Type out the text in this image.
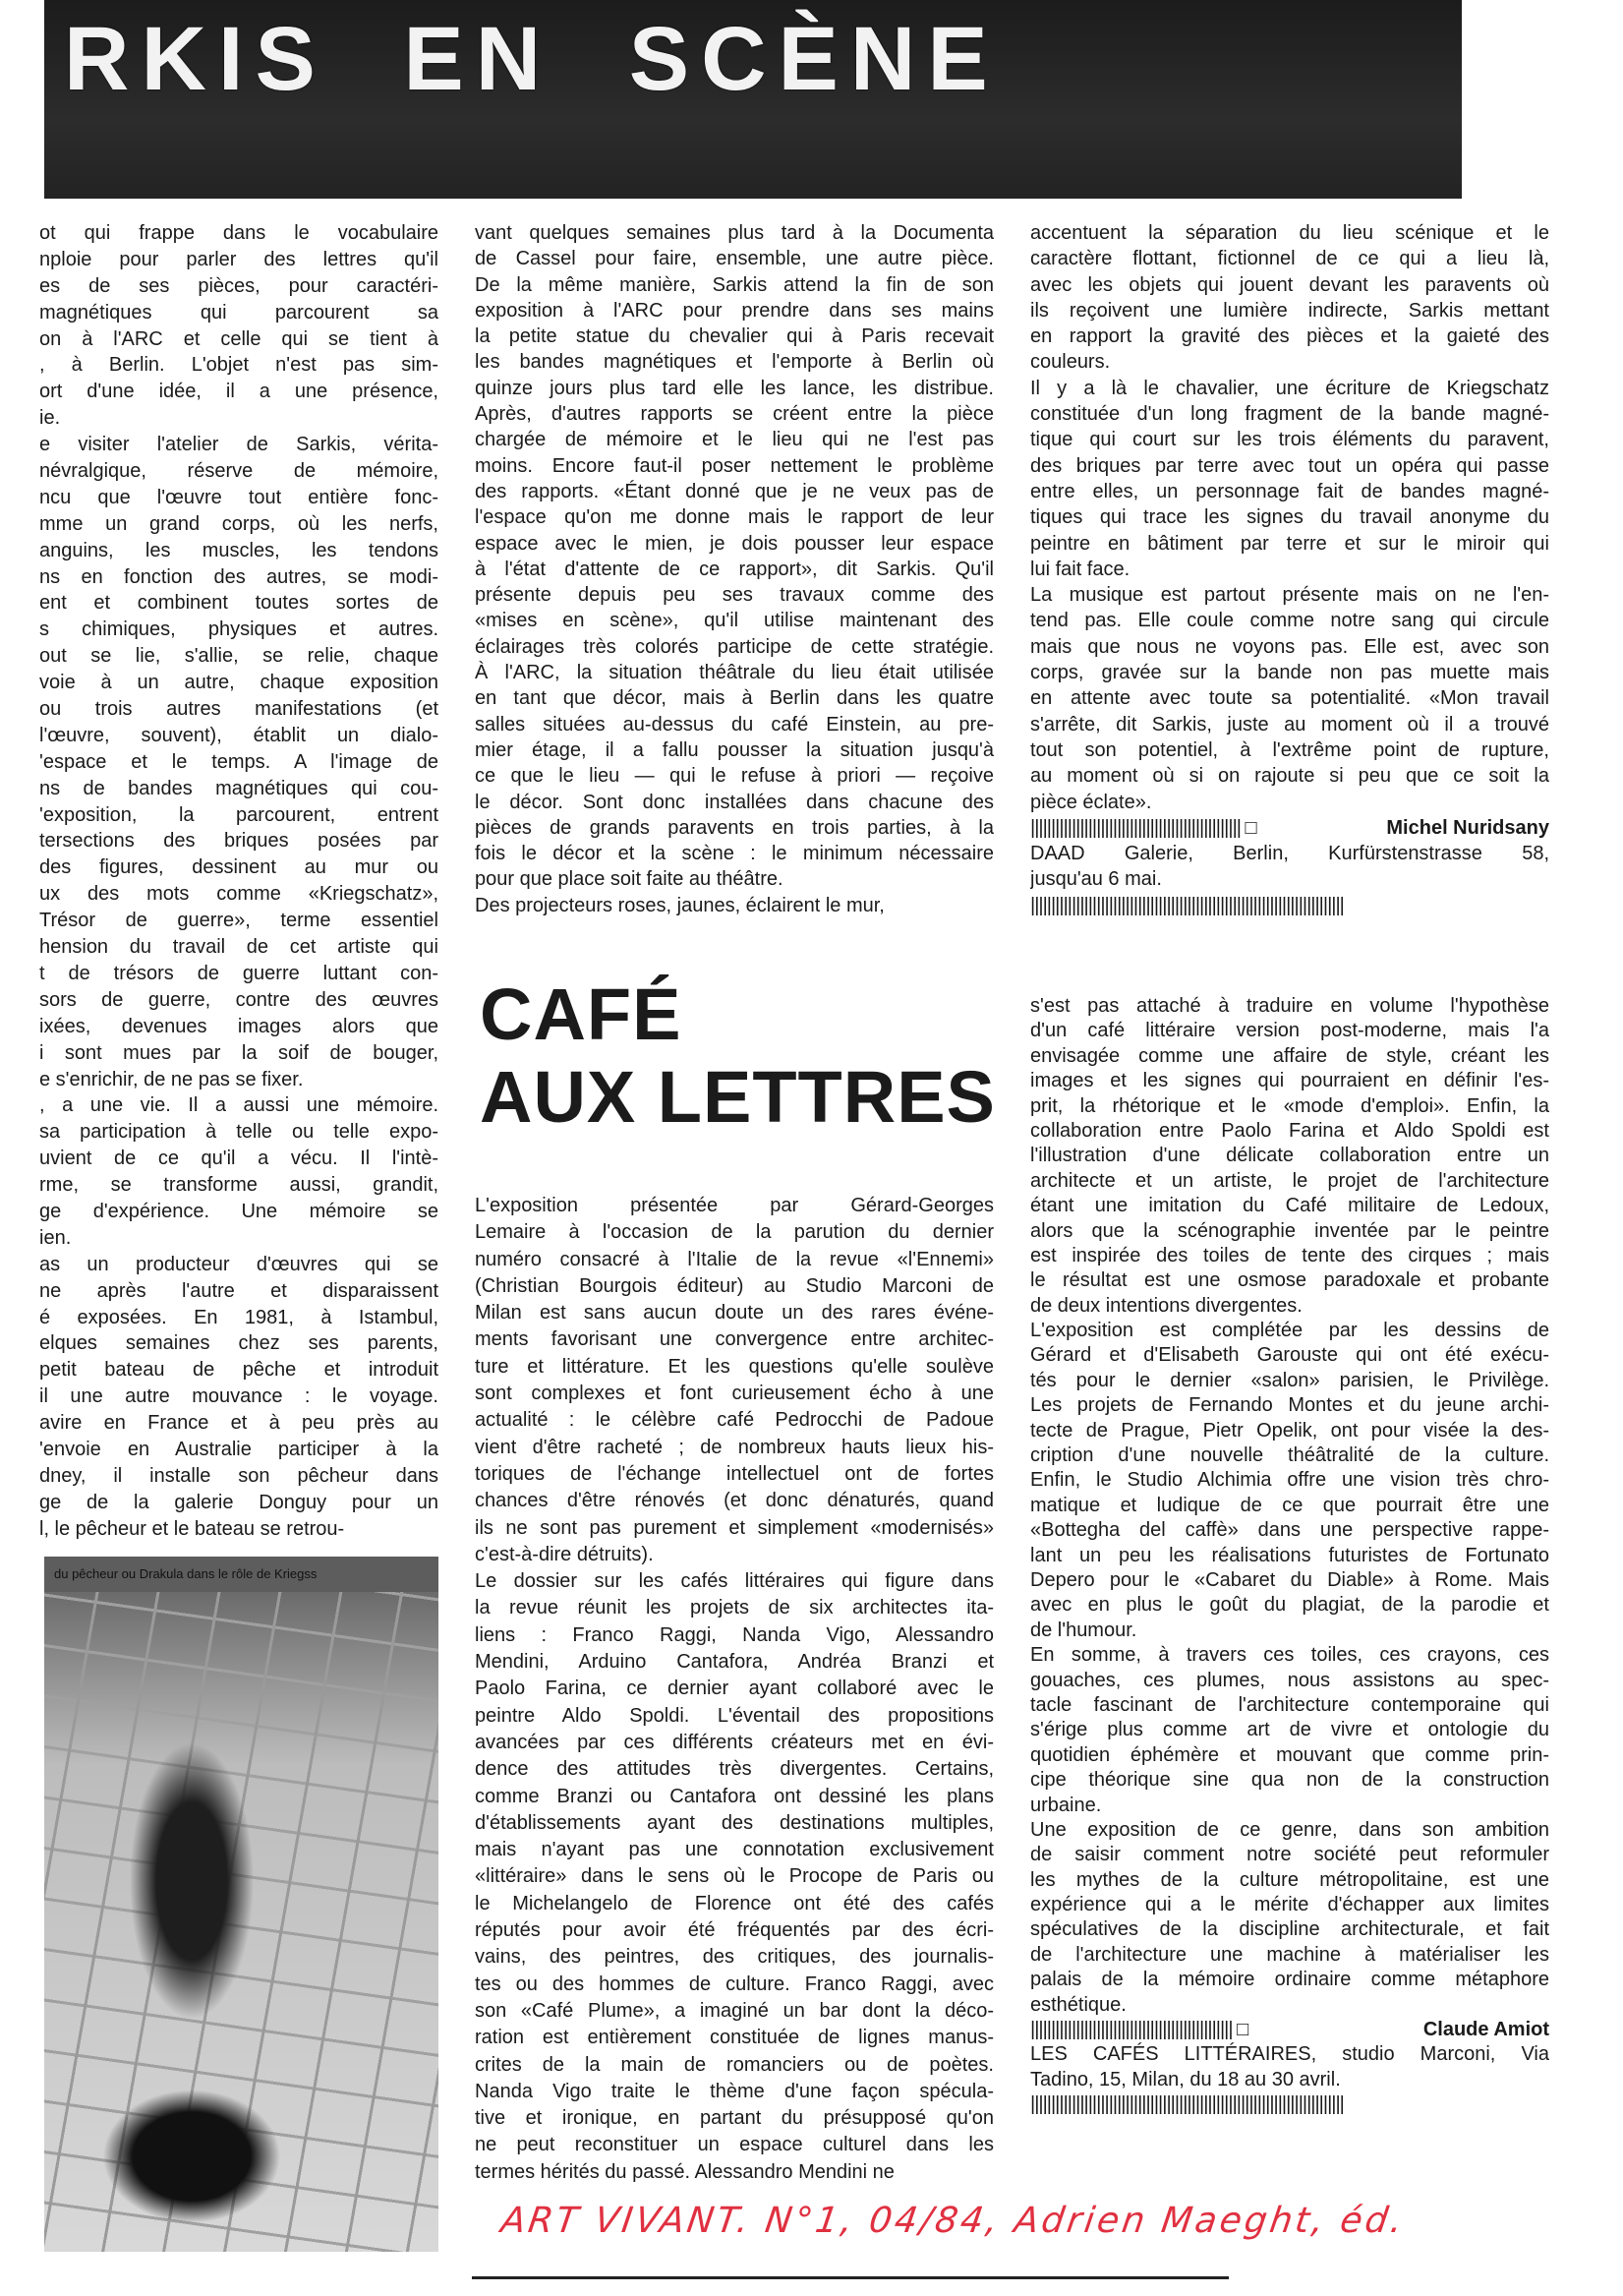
RKIS EN SCÈNE
ot qui frappe dans le vocabulaire
nploie pour parler des lettres qu'il
es de ses pièces, pour caractéri-
magnétiques qui parcourent sa
on à l'ARC et celle qui se tient à
, à Berlin. L'objet n'est pas sim-
ort d'une idée, il a une présence,
ie.
e visiter l'atelier de Sarkis, vérita-
névralgique, réserve de mémoire,
ncu que l'œuvre tout entière fonc-
mme un grand corps, où les nerfs,
anguins, les muscles, les tendons
ns en fonction des autres, se modi-
ent et combinent toutes sortes de
s chimiques, physiques et autres.
out se lie, s'allie, se relie, chaque
voie à un autre, chaque exposition
ou trois autres manifestations (et
l'œuvre, souvent), établit un dialo-
'espace et le temps. A l'image de
ns de bandes magnétiques qui cou-
'exposition, la parcourent, entrent
tersections des briques posées par
des figures, dessinent au mur ou
ux des mots comme «Kriegschatz»,
Trésor de guerre», terme essentiel
hension du travail de cet artiste qui
t de trésors de guerre luttant con-
sors de guerre, contre des œuvres
ixées, devenues images alors que
i sont mues par la soif de bouger,
e s'enrichir, de ne pas se fixer.
, a une vie. Il a aussi une mémoire.
sa participation à telle ou telle expo-
uvient de ce qu'il a vécu. Il l'intè-
rme, se transforme aussi, grandit,
ge d'expérience. Une mémoire se
ien.
as un producteur d'œuvres qui se
ne après l'autre et disparaissent
é exposées. En 1981, à Istambul,
elques semaines chez ses parents,
petit bateau de pêche et introduit
il une autre mouvance : le voyage.
avire en France et à peu près au
'envoie en Australie participer à la
dney, il installe son pêcheur dans
ge de la galerie Donguy pour un
l, le pêcheur et le bateau se retrou-
vant quelques semaines plus tard à la Documenta
de Cassel pour faire, ensemble, une autre pièce.
De la même manière, Sarkis attend la fin de son
exposition à l'ARC pour prendre dans ses mains
la petite statue du chevalier qui à Paris recevait
les bandes magnétiques et l'emporte à Berlin où
quinze jours plus tard elle les lance, les distribue.
Après, d'autres rapports se créent entre la pièce
chargée de mémoire et le lieu qui ne l'est pas
moins. Encore faut-il poser nettement le problème
des rapports. «Étant donné que je ne veux pas de
l'espace qu'on me donne mais le rapport de leur
espace avec le mien, je dois pousser leur espace
à l'état d'attente de ce rapport», dit Sarkis. Qu'il
présente depuis peu ses travaux comme des
«mises en scène», qu'il utilise maintenant des
éclairages très colorés participe de cette stratégie.
À l'ARC, la situation théâtrale du lieu était utilisée
en tant que décor, mais à Berlin dans les quatre
salles situées au-dessus du café Einstein, au pre-
mier étage, il a fallu pousser la situation jusqu'à
ce que le lieu — qui le refuse à priori — reçoive
le décor. Sont donc installées dans chacune des
pièces de grands paravents en trois parties, à la
fois le décor et la scène : le minimum nécessaire
pour que place soit faite au théâtre.
Des projecteurs roses, jaunes, éclairent le mur,
accentuent la séparation du lieu scénique et le
caractère flottant, fictionnel de ce qui a lieu là,
avec les objets qui jouent devant les paravents où
ils reçoivent une lumière indirecte, Sarkis mettant
en rapport la gravité des pièces et la gaieté des
couleurs.
Il y a là le chavalier, une écriture de Kriegschatz
constituée d'un long fragment de la bande magné-
tique qui court sur les trois éléments du paravent,
des briques par terre avec tout un opéra qui passe
entre elles, un personnage fait de bandes magné-
tiques qui trace les signes du travail anonyme du
peintre en bâtiment par terre et sur le miroir qui
lui fait face.
La musique est partout présente mais on ne l'en-
tend pas. Elle coule comme notre sang qui circule
mais que nous ne voyons pas. Elle est, avec son
corps, gravée sur la bande non pas muette mais
en attente avec toute sa potentialité. «Mon travail
s'arrête, dit Sarkis, juste au moment où il a trouvé
tout son potentiel, à l'extrême point de rupture,
au moment où si on rajoute si peu que ce soit la
pièce éclate».
||||||||||||||||||||||||||||||||||||||||||||||||||| □	Michel Nuridsany
DAAD Galerie, Berlin, Kurfürstenstrasse 58,
jusqu'au 6 mai.
||||||||||||||||||||||||||||||||||||||||||||||||||||||||||||||||||||||||||||
CAFÉ
AUX LETTRES
L'exposition présentée par Gérard-Georges
Lemaire à l'occasion de la parution du dernier
numéro consacré à l'Italie de la revue «l'Ennemi»
(Christian Bourgois éditeur) au Studio Marconi de
Milan est sans aucun doute un des rares événe-
ments favorisant une convergence entre architec-
ture et littérature. Et les questions qu'elle soulève
sont complexes et font curieusement écho à une
actualité : le célèbre café Pedrocchi de Padoue
vient d'être racheté ; de nombreux hauts lieux his-
toriques de l'échange intellectuel ont de fortes
chances d'être rénovés (et donc dénaturés, quand
ils ne sont pas purement et simplement «modernisés»
c'est-à-dire détruits).
Le dossier sur les cafés littéraires qui figure dans
la revue réunit les projets de six architectes ita-
liens : Franco Raggi, Nanda Vigo, Alessandro
Mendini, Arduino Cantafora, Andréa Branzi et
Paolo Farina, ce dernier ayant collaboré avec le
peintre Aldo Spoldi. L'éventail des propositions
avancées par ces différents créateurs met en évi-
dence des attitudes très divergentes. Certains,
comme Branzi ou Cantafora ont dessiné les plans
d'établissements ayant des destinations multiples,
mais n'ayant pas une connotation exclusivement
«littéraire» dans le sens où le Procope de Paris ou
le Michelangelo de Florence ont été des cafés
réputés pour avoir été fréquentés par des écri-
vains, des peintres, des critiques, des journalis-
tes ou des hommes de culture. Franco Raggi, avec
son «Café Plume», a imaginé un bar dont la déco-
ration est entièrement constituée de lignes manus-
crites de la main de romanciers ou de poètes.
Nanda Vigo traite le thème d'une façon spécula-
tive et ironique, en partant du présupposé qu'on
ne peut reconstituer un espace culturel dans les
termes hérités du passé. Alessandro Mendini ne
s'est pas attaché à traduire en volume l'hypothèse
d'un café littéraire version post-moderne, mais l'a
envisagée comme une affaire de style, créant les
images et les signes qui pourraient en définir l'es-
prit, la rhétorique et le «mode d'emploi». Enfin, la
collaboration entre Paolo Farina et Aldo Spoldi est
l'illustration d'une délicate collaboration entre un
architecte et un artiste, le projet de l'architecture
étant une imitation du Café militaire de Ledoux,
alors que la scénographie inventée par le peintre
est inspirée des toiles de tente des cirques ; mais
le résultat est une osmose paradoxale et probante
de deux intentions divergentes.
L'exposition est complétée par les dessins de
Gérard et d'Elisabeth Garouste qui ont été exécu-
tés pour le dernier «salon» parisien, le Privilège.
Les projets de Fernando Montes et du jeune archi-
tecte de Prague, Pietr Opelik, ont pour visée la des-
cription d'une nouvelle théâtralité de la culture.
Enfin, le Studio Alchimia offre une vision très chro-
matique et ludique de ce que pourrait être une
«Bottegha del caffè» dans une perspective rappe-
lant un peu les réalisations futuristes de Fortunato
Depero pour le «Cabaret du Diable» à Rome. Mais
avec en plus le goût du plagiat, de la parodie et
de l'humour.
En somme, à travers ces toiles, ces crayons, ces
gouaches, ces plumes, nous assistons au spec-
tacle fascinant de l'architecture contemporaine qui
s'érige plus comme art de vivre et ontologie du
quotidien éphémère et mouvant que comme prin-
cipe théorique sine qua non de la construction
urbaine.
Une exposition de ce genre, dans son ambition
de saisir comment notre société peut reformuler
les mythes de la culture métropolitaine, est une
expérience qui a le mérite d'échapper aux limites
spéculatives de la discipline architecturale, et fait
de l'architecture une machine à matérialiser les
palais de la mémoire ordinaire comme métaphore
esthétique.
||||||||||||||||||||||||||||||||||||||||||||||||| □	Claude Amiot
LES CAFÉS LITTÉRAIRES, studio Marconi, Via
Tadino, 15, Milan, du 18 au 30 avril.
||||||||||||||||||||||||||||||||||||||||||||||||||||||||||||||||||||||||||||
du pêcheur ou Drakula dans le rôle de Kriegss
ART VIVANT. N°1, 04/84, Adrien Maeght, éd.
